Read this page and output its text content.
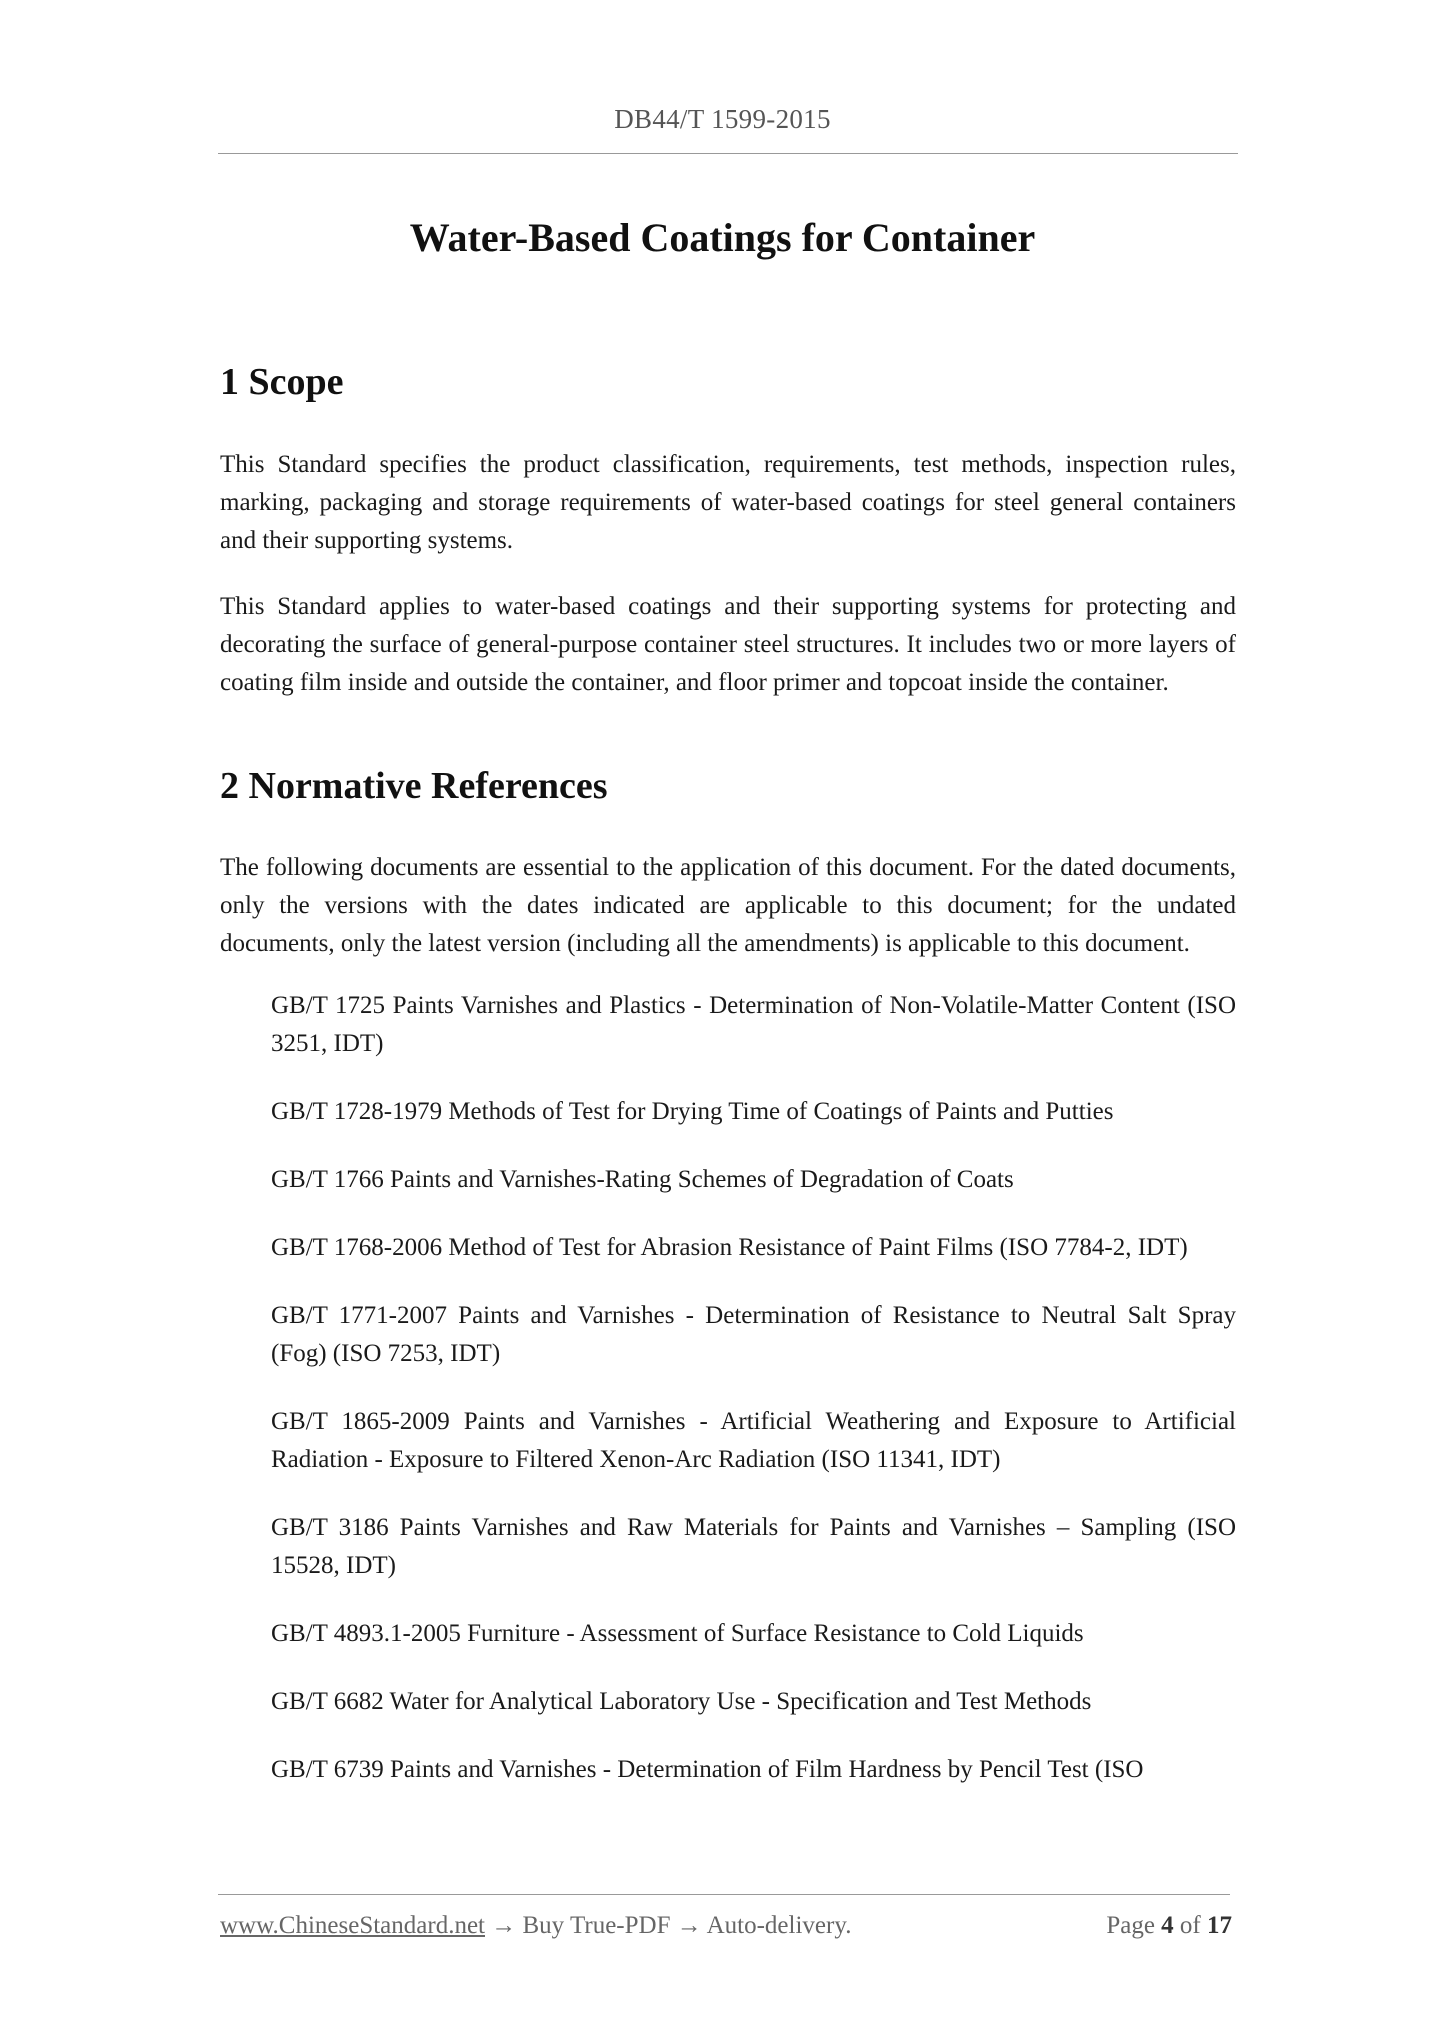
DB44/T 1599-2015
Water-Based Coatings for Container
1 Scope

This Standard specifies the product classification, requirements, test methods, inspection rules, marking, packaging and storage requirements of water-based coatings for steel general containers and their supporting systems.

This Standard applies to water-based coatings and their supporting systems for protecting and decorating the surface of general-purpose container steel structures. It includes two or more layers of coating film inside and outside the container, and floor primer and topcoat inside the container.

2 Normative References

The following documents are essential to the application of this document. For the dated documents, only the versions with the dates indicated are applicable to this document; for the undated documents, only the latest version (including all the amendments) is applicable to this document.

GB/T 1725 Paints Varnishes and Plastics - Determination of Non-Volatile-Matter Content (ISO 3251, IDT)
GB/T 1728-1979 Methods of Test for Drying Time of Coatings of Paints and Putties
GB/T 1766 Paints and Varnishes-Rating Schemes of Degradation of Coats
GB/T 1768-2006 Method of Test for Abrasion Resistance of Paint Films (ISO 7784-2, IDT)
GB/T 1771-2007 Paints and Varnishes - Determination of Resistance to Neutral Salt Spray (Fog) (ISO 7253, IDT)
GB/T 1865-2009 Paints and Varnishes - Artificial Weathering and Exposure to Artificial Radiation - Exposure to Filtered Xenon-Arc Radiation (ISO 11341, IDT)
GB/T 3186 Paints Varnishes and Raw Materials for Paints and Varnishes – Sampling (ISO 15528, IDT)
GB/T 4893.1-2005 Furniture - Assessment of Surface Resistance to Cold Liquids
GB/T 6682 Water for Analytical Laboratory Use - Specification and Test Methods
GB/T 6739 Paints and Varnishes - Determination of Film Hardness by Pencil Test (ISO
www.ChineseStandard.net → Buy True-PDF → Auto-delivery.	Page 4 of 17
